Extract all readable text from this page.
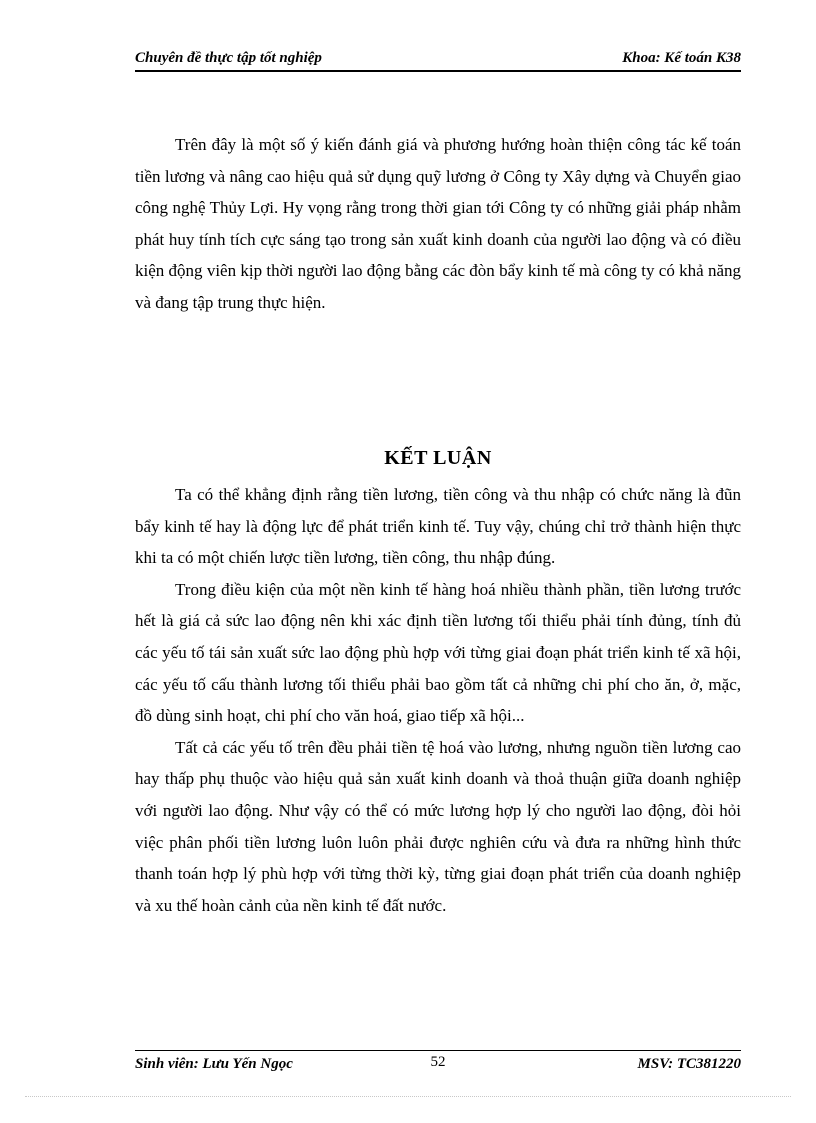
Chuyên đề thực tập tốt nghiệp	Khoa: Kế toán K38

Trên đây là một số ý kiến đánh giá và phương hướng hoàn thiện công tác kế toán tiền lương và nâng cao hiệu quả sử dụng quỹ lương ở Công ty Xây dựng và Chuyển giao công nghệ Thủy Lợi. Hy vọng rằng trong thời gian tới Công ty có những giải pháp nhằm phát huy tính tích cực sáng tạo trong sản xuất kinh doanh của người lao động và có điều kiện động viên kịp thời người lao động bằng các đòn bẩy kinh tế mà công ty có khả năng và đang tập trung thực hiện.

KẾT LUẬN

Ta có thể khẳng định rằng tiền lương, tiền công và thu nhập có chức năng là đũn bẩy kinh tế hay là động lực để phát triển kinh tế. Tuy vậy, chúng chỉ trở thành hiện thực khi ta có một chiến lược tiền lương, tiền công, thu nhập đúng.

Trong điều kiện của một nền kinh tế hàng hoá nhiều thành phần, tiền lương trước hết là giá cả sức lao động nên khi xác định tiền lương tối thiểu phải tính đủng, tính đủ các yếu tố tái sản xuất sức lao động phù hợp với từng giai đoạn phát triển kinh tế xã hội, các yếu tố cấu thành lương tối thiểu phải bao gồm tất cả những chi phí cho ăn, ở, mặc, đồ dùng sinh hoạt, chi phí cho văn hoá, giao tiếp xã hội...

Tất cả các yếu tố trên đều phải tiền tệ hoá vào lương, nhưng nguồn tiền lương cao hay thấp phụ thuộc vào hiệu quả sản xuất kinh doanh và thoả thuận giữa doanh nghiệp với người lao động. Như vậy có thể có mức lương hợp lý cho người lao động, đòi hỏi việc phân phối tiền lương luôn luôn phải được nghiên cứu và đưa ra những hình thức thanh toán hợp lý phù hợp với từng thời kỳ, từng giai đoạn phát triển của doanh nghiệp và xu thế hoàn cảnh của nền kinh tế đất nước.

Sinh viên: Lưu Yến Ngọc	52	MSV: TC381220
